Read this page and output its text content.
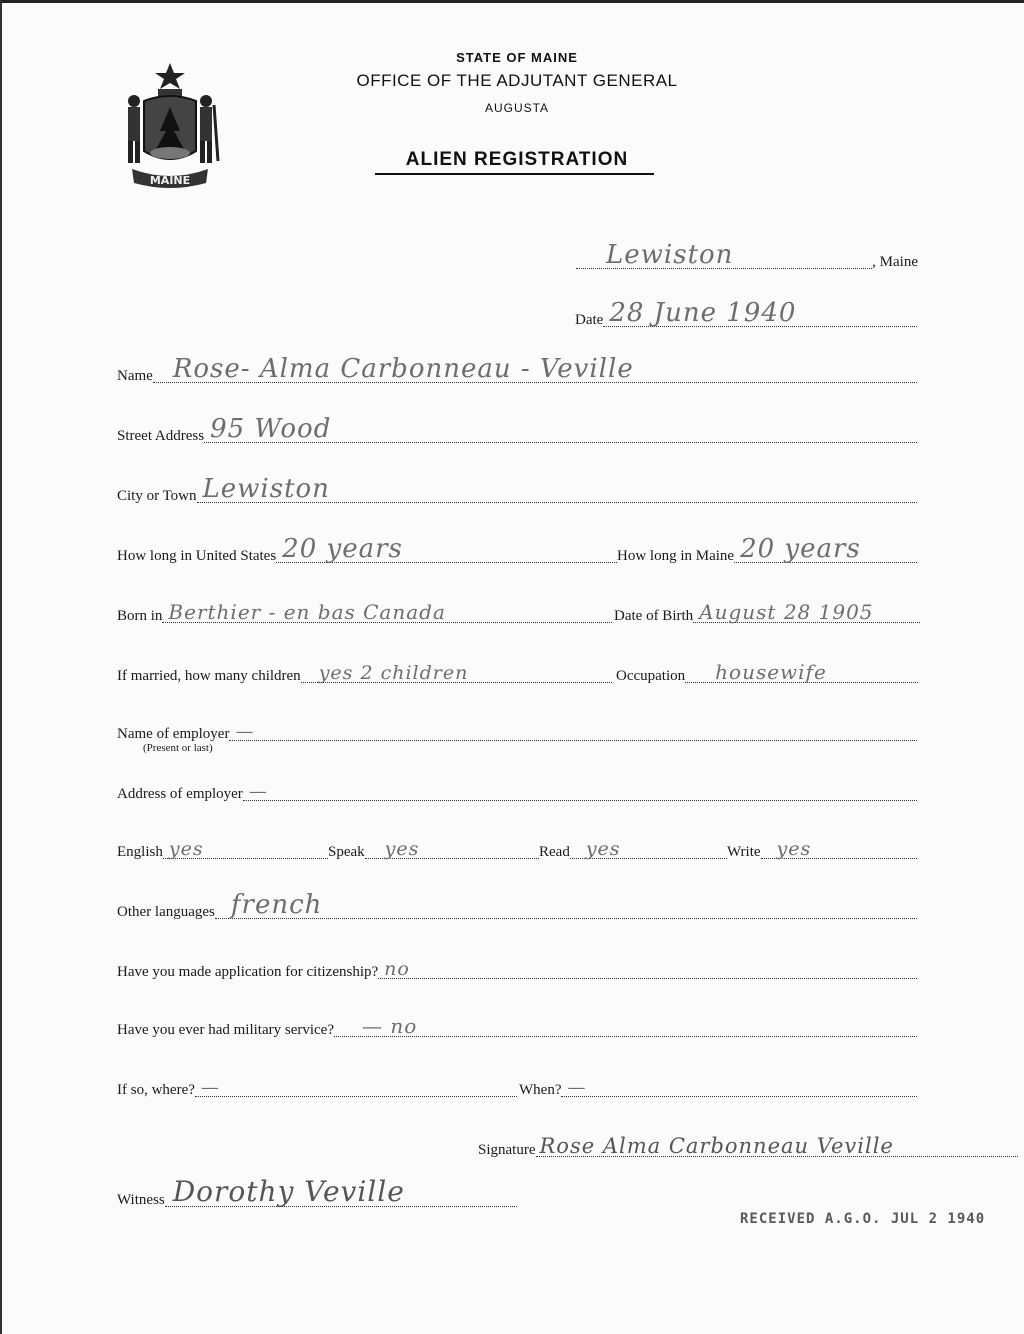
MAINE
STATE OF MAINE
OFFICE OF THE ADJUTANT GENERAL
AUGUSTA
ALIEN REGISTRATION
Lewiston	, Maine
Date 28 June 1940
Name Rose- Alma Carbonneau - Veville
Street Address 95 Wood
City or Town Lewiston
How long in United States 20 years	How long in Maine 20 years
Born in Berthier - en bas Canada	Date of Birth August 28 1905
If married, how many children yes 2 children	Occupation housewife
Name of employer —
(Present or last)
Address of employer —
English yes	Speak yes	Read yes	Write yes
Other languages french
Have you made application for citizenship? no
Have you ever had military service? — no
If so, where? —	When? —
Signature Rose Alma Carbonneau Veville
Witness Dorothy Veville
RECEIVED A.G.O. JUL 2 1940
